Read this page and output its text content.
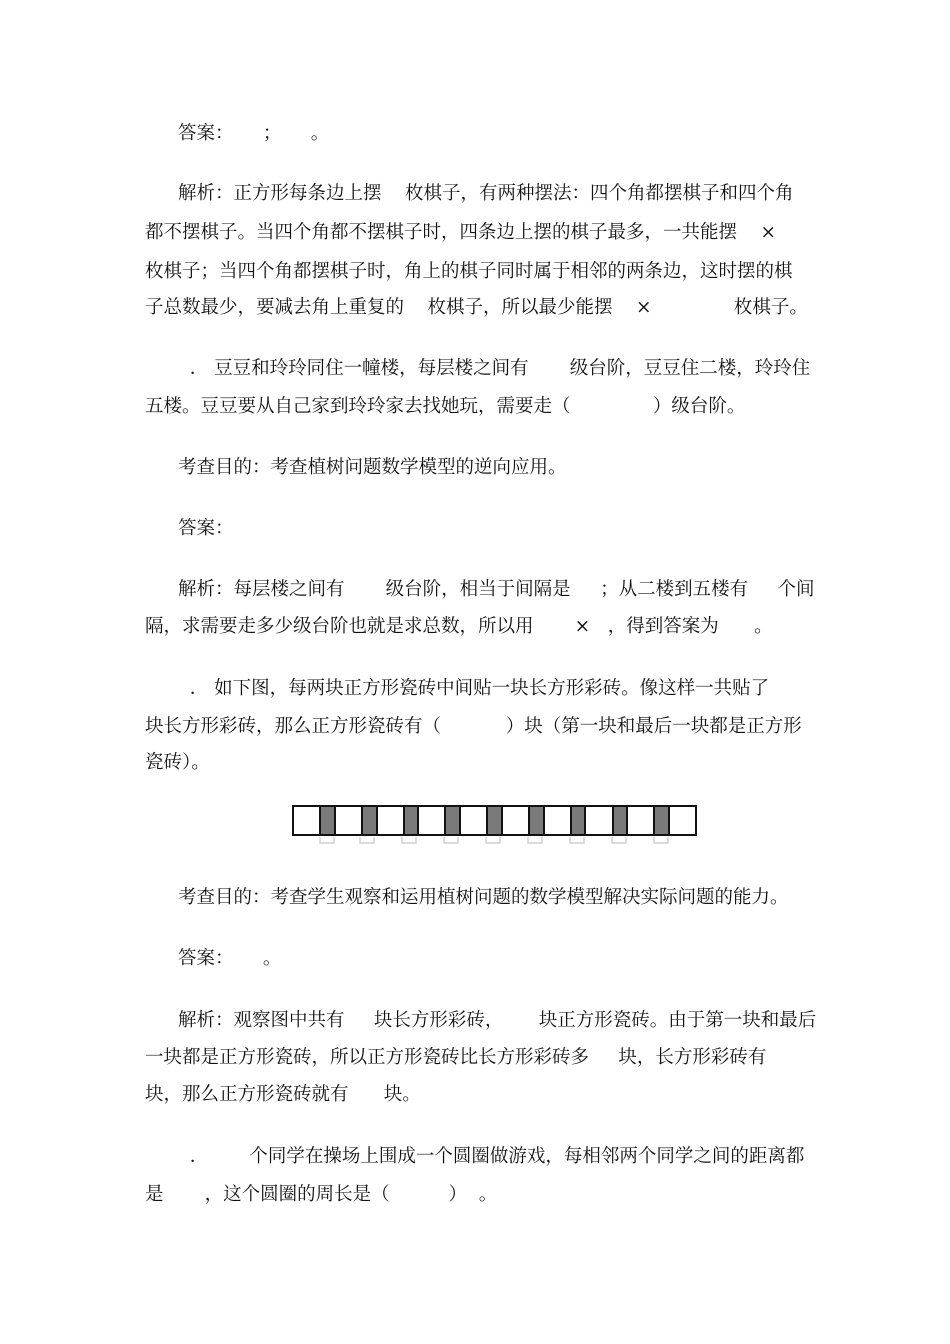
答案：     ；     。
解析：正方形每条边上摆    枚棋子，有两种摆法：四个角都摆棋子和四个角
都不摆棋子。当四个角都不摆棋子时，四条边上摆的棋子最多，一共能摆    ×
枚棋子；当四个角都摆棋子时，角上的棋子同时属于相邻的两条边，这时摆的棋
子总数最少，要减去角上重复的    枚棋子，所以最少能摆    ×              枚棋子。
． 豆豆和玲玲同住一幢楼，每层楼之间有       级台阶，豆豆住二楼，玲玲住
五楼。豆豆要从自己家到玲玲家去找她玩，需要走（              ）级台阶。
考查目的：考查植树问题数学模型的逆向应用。
答案：
解析：每层楼之间有       级台阶，相当于间隔是     ；从二楼到五楼有     个间
隔，求需要走多少级台阶也就是求总数，所以用       ×   ，得到答案为      。
． 如下图，每两块正方形瓷砖中间贴一块长方形彩砖。像这样一共贴了
块长方形彩砖，那么正方形瓷砖有（           ）块（第一块和最后一块都是正方形
瓷砖）。
考查目的：考查学生观察和运用植树问题的数学模型解决实际问题的能力。
答案：     。
解析：观察图中共有     块长方形彩砖，      块正方形瓷砖。由于第一块和最后
一块都是正方形瓷砖，所以正方形瓷砖比长方形彩砖多     块，长方形彩砖有
块，那么正方形瓷砖就有      块。
．       个同学在操场上围成一个圆圈做游戏，每相邻两个同学之间的距离都
是       ，这个圆圈的周长是（          ）  。
